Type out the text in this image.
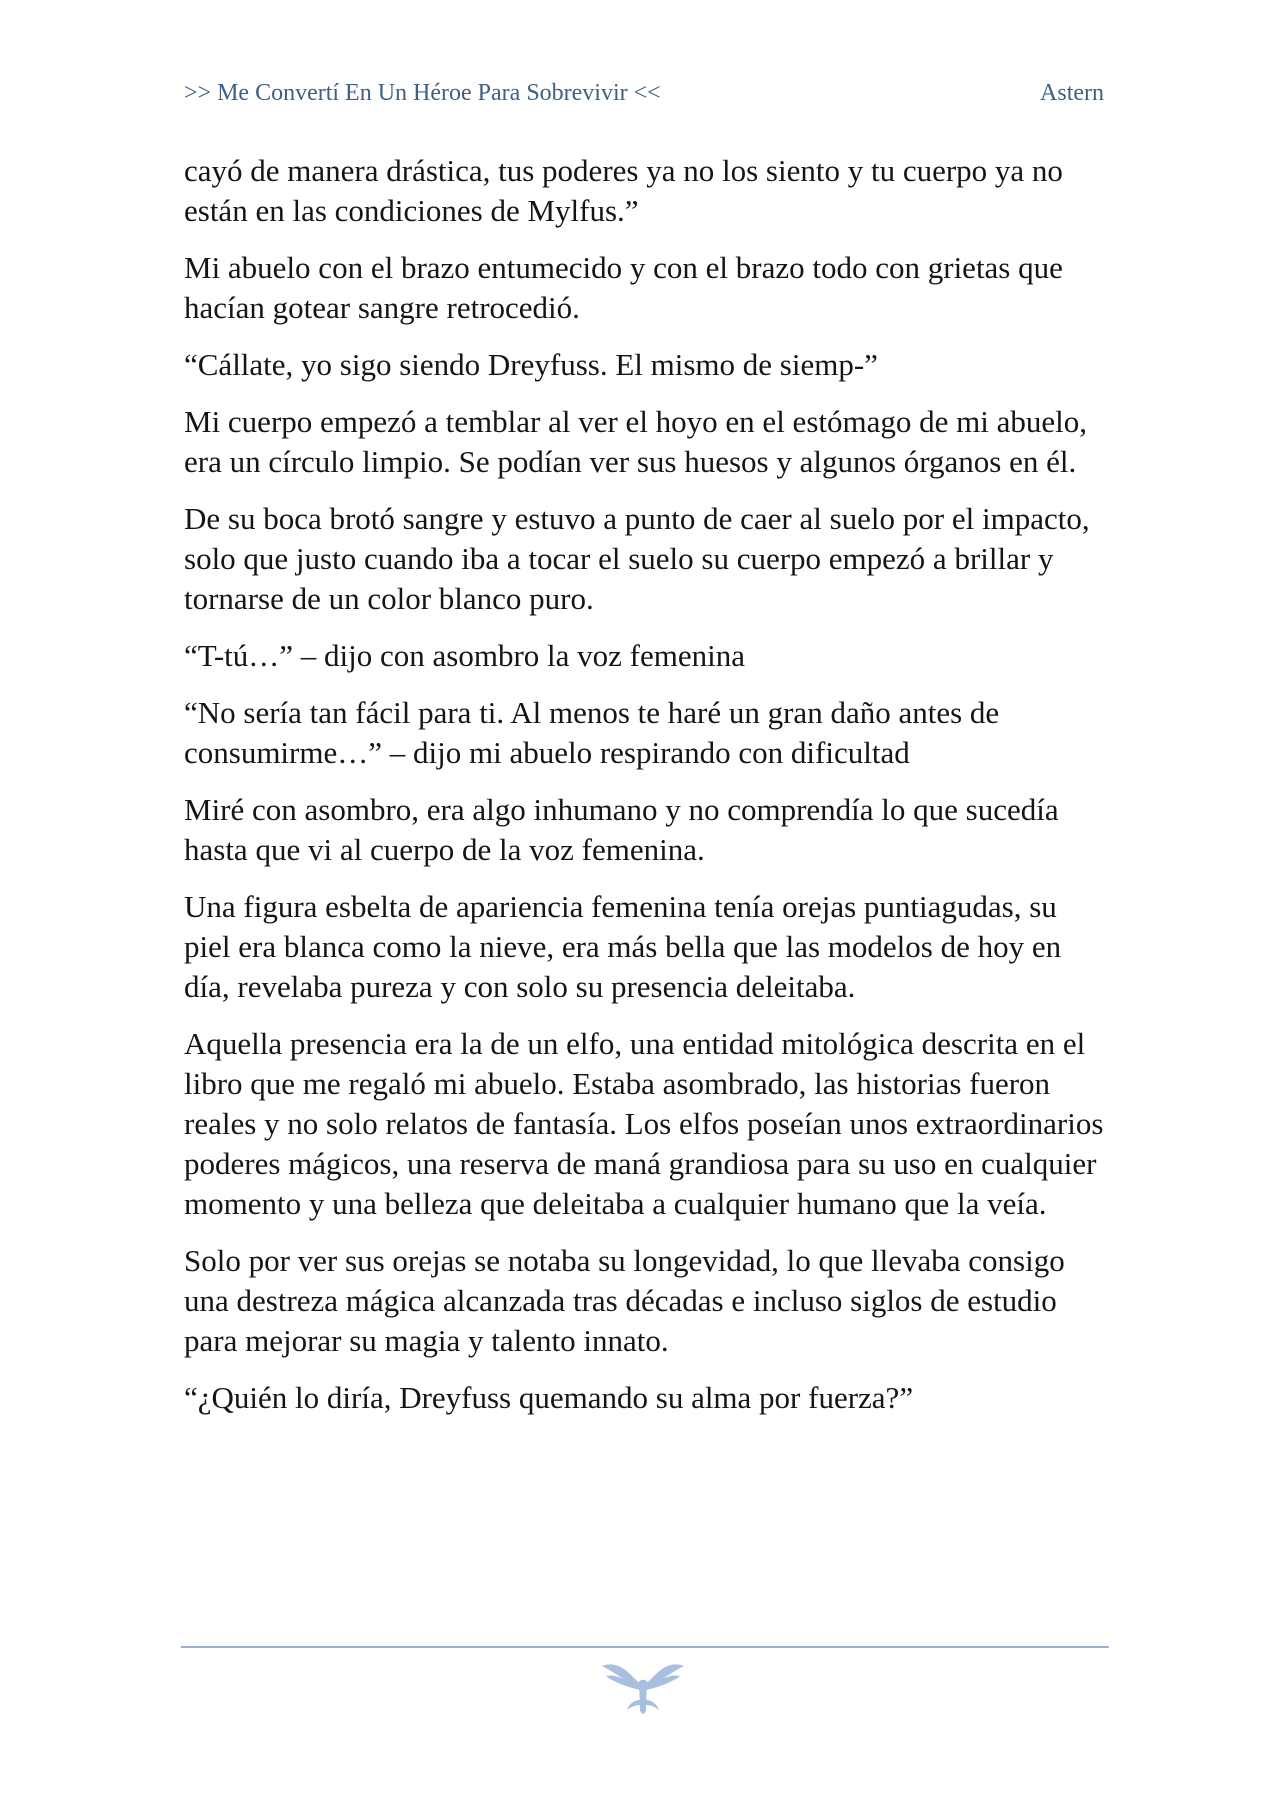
>> Me Convertí En Un Héroe Para Sobrevivir <<	Astern

cayó de manera drástica, tus poderes ya no los siento y tu cuerpo ya no están en las condiciones de Mylfus.”

Mi abuelo con el brazo entumecido y con el brazo todo con grietas que hacían gotear sangre retrocedió.

“Cállate, yo sigo siendo Dreyfuss. El mismo de siemp-”

Mi cuerpo empezó a temblar al ver el hoyo en el estómago de mi abuelo, era un círculo limpio. Se podían ver sus huesos y algunos órganos en él.

De su boca brotó sangre y estuvo a punto de caer al suelo por el impacto, solo que justo cuando iba a tocar el suelo su cuerpo empezó a brillar y tornarse de un color blanco puro.

“T-tú…” – dijo con asombro la voz femenina

“No sería tan fácil para ti. Al menos te haré un gran daño antes de consumirme…” – dijo mi abuelo respirando con dificultad

Miré con asombro, era algo inhumano y no comprendía lo que sucedía hasta que vi al cuerpo de la voz femenina.

Una figura esbelta de apariencia femenina tenía orejas puntiagudas, su piel era blanca como la nieve, era más bella que las modelos de hoy en día, revelaba pureza y con solo su presencia deleitaba.

Aquella presencia era la de un elfo, una entidad mitológica descrita en el libro que me regaló mi abuelo. Estaba asombrado, las historias fueron reales y no solo relatos de fantasía. Los elfos poseían unos extraordinarios poderes mágicos, una reserva de maná grandiosa para su uso en cualquier momento y una belleza que deleitaba a cualquier humano que la veía.

Solo por ver sus orejas se notaba su longevidad, lo que llevaba consigo una destreza mágica alcanzada tras décadas e incluso siglos de estudio para mejorar su magia y talento innato.

“¿Quién lo diría, Dreyfuss quemando su alma por fuerza?”
